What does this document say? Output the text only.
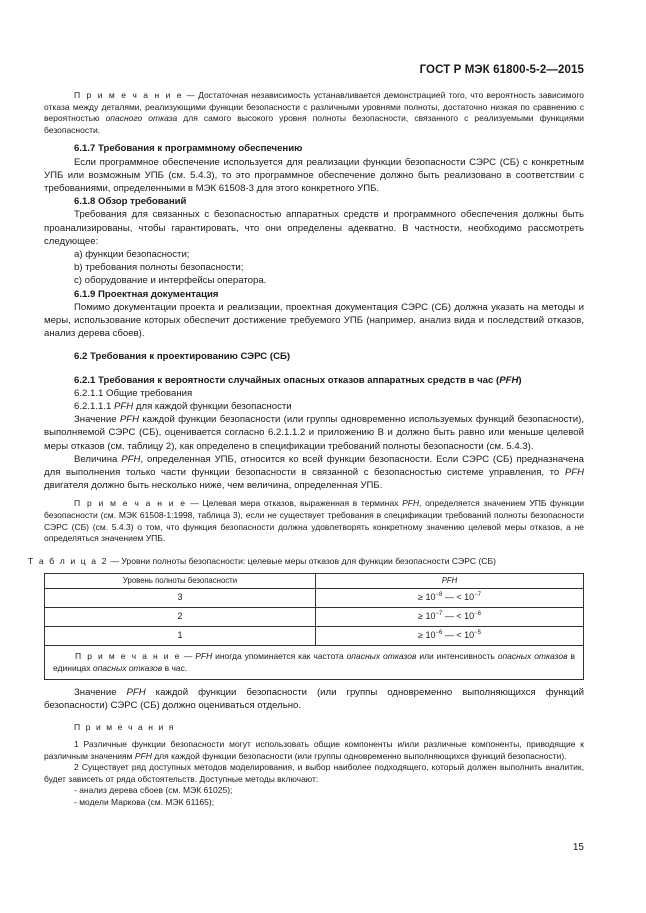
ГОСТ Р МЭК 61800-5-2—2015

П р и м е ч а н и е — Достаточная независимость устанавливается демонстрацией того, что вероятность зависимого отказа между деталями, реализующими функции безопасности с различными уровнями полноты, достаточно низкая по сравнению с вероятностью опасного отказа для самого высокого уровня полноты безопасности, связанного с реализуемыми функциями безопасности.

6.1.7 Требования к программному обеспечению

Если программное обеспечение используется для реализации функции безопасности СЭРС (СБ) с конкретным УПБ или возможным УПБ (см. 5.4.3), то это программное обеспечение должно быть реализовано в соответствии с требованиями, определенными в МЭК 61508-3 для этого конкретного УПБ.

6.1.8 Обзор требований

Требования для связанных с безопасностью аппаратных средств и программного обеспечения должны быть проанализированы, чтобы гарантировать, что они определены адекватно. В частности, необходимо рассмотреть следующее:

a) функции безопасности;

b) требования полноты безопасности;

c) оборудование и интерфейсы оператора.

6.1.9 Проектная документация

Помимо документации проекта и реализации, проектная документация СЭРС (СБ) должна указать на методы и меры, использование которых обеспечит достижение требуемого УПБ (например, анализ вида и последствий отказов, анализ дерева сбоев).

6.2 Требования к проектированию СЭРС (СБ)

6.2.1 Требования к вероятности случайных опасных отказов аппаратных средств в час (PFH)

6.2.1.1 Общие требования

6.2.1.1.1 PFH для каждой функции безопасности

Значение PFH каждой функции безопасности (или группы одновременно используемых функций безопасности), выполняемой СЭРС (СБ), оценивается согласно 6.2.1.1.2 и приложению В и должно быть равно или меньше целевой меры отказов (см. таблицу 2), как определено в спецификации требований полноты безопасности (см. 5.4.3).

Величина PFH, определенная УПБ, относится ко всей функции безопасности. Если СЭРС (СБ) предназначена для выполнения только части функции безопасности в связанной с безопасностью системе управления, то PFH двигателя должно быть несколько ниже, чем величина, определенная УПБ.

П р и м е ч а н и е — Целевая мера отказов, выраженная в терминах PFH, определяется значением УПБ функции безопасности (см. МЭК 61508-1:1998, таблица 3), если не существует требования в спецификации требований полноты безопасности СЭРС (СБ) (см. 5.4.3) о том, что функция безопасности должна удовлетворять конкретному значению целевой меры отказов, а не определяться значением УПБ.

Т а б л и ц а 2 — Уровни полноты безопасности: целевые меры отказов для функции безопасности СЭРС (СБ)

Уровень полноты безопасности	PFH
3	≥ $10^{-8}$ — < $10^{-7}$
2	≥ $10^{-7}$ — < $10^{-6}$
1	≥ $10^{-6}$ — < $10^{-5}$
П р и м е ч а н и е — PFH иногда упоминается как частота опасных отказов или интенсивность опасных отказов в единицах опасных отказов в час.	

Значение PFH каждой функции безопасности (или группы одновременно выполняющихся функций безопасности) СЭРС (СБ) должно оцениваться отдельно.

П р и м е ч а н и я

1 Различные функции безопасности могут использовать общие компоненты и/или различные компоненты, приводящие к различным значениям PFH для каждой функции безопасности (или группы одновременно выполняющихся функций безопасности).

2 Существует ряд доступных методов моделирования, и выбор наиболее подходящего, который должен выполнить аналитик, будет зависеть от ряда обстоятельств. Доступные методы включают:

- анализ дерева сбоев (см. МЭК 61025);

- модели Маркова (см. МЭК 61165);

15
